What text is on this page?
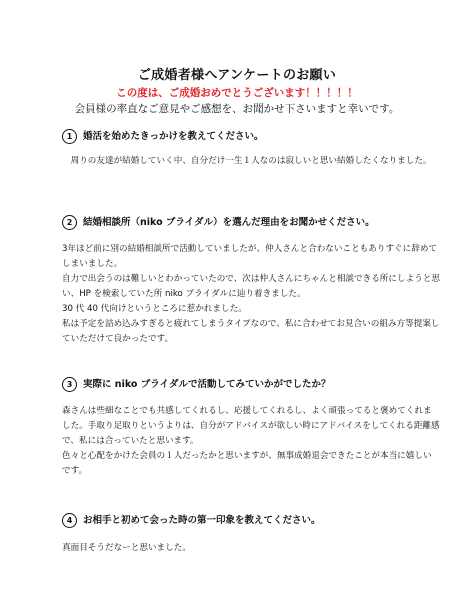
ご成婚者様へアンケートのお願い
この度は、ご成婚おめでとうございます！！！！！
会員様の率直なご意見やご感想を、お聞かせ下さいますと幸いです。
1 婚活を始めたきっかけを教えてください。

周りの友達が結婚していく中、自分だけ一生１人なのは寂しいと思い結婚したくなりました。

2 結婚相談所（niko ブライダル）を選んだ理由をお聞かせください。

3年ほど前に別の結婚相談所で活動していましたが、仲人さんと合わないこともありすぐに辞めてしまいました。

自力で出会うのは難しいとわかっていたので、次は仲人さんにちゃんと相談できる所にしようと思い、HP を検索していた所 niko ブライダルに辿り着きました。

30 代 40 代向けというところに惹かれました。

私は予定を詰め込みすぎると疲れてしまうタイプなので、私に合わせてお見合いの組み方等提案していただけて良かったです。

3 実際に niko ブライダルで活動してみていかがでしたか？

森さんは些細なことでも共感してくれるし、応援してくれるし、よく頑張ってると褒めてくれました。手取り足取りというよりは、自分がアドバイスが欲しい時にアドバイスをしてくれる距離感で、私には合っていたと思います。

色々と心配をかけた会員の１人だったかと思いますが、無事成婚退会できたことが本当に嬉しいです。

4 お相手と初めて会った時の第一印象を教えてください。

真面目そうだなーと思いました。
